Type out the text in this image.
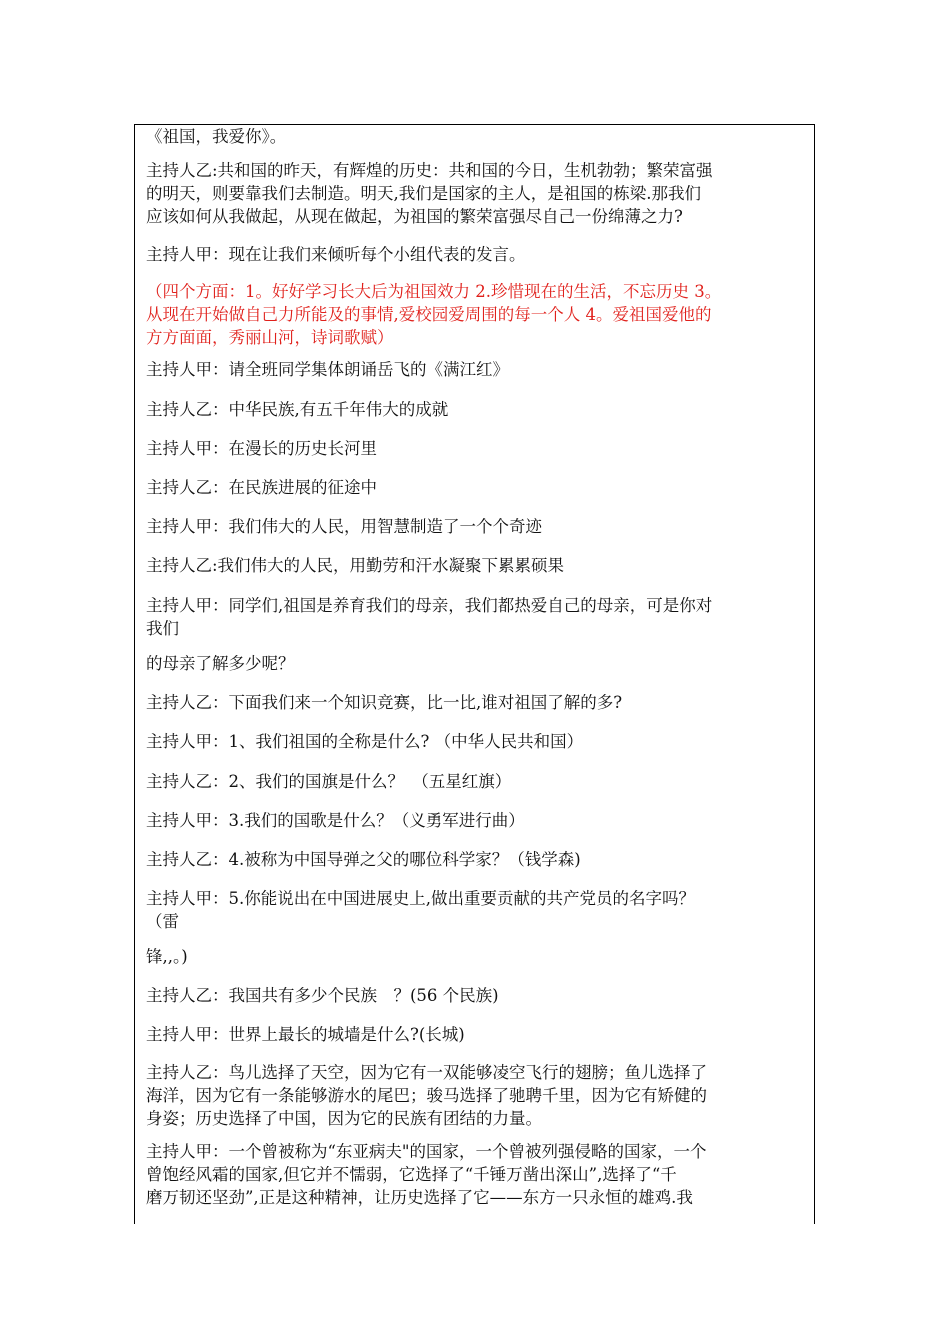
《祖国，我爱你》。
主持人乙:共和国的昨天，有辉煌的历史：共和国的今日，生机勃勃；繁荣富强
的明天，则要靠我们去制造。明天,我们是国家的主人，是祖国的栋梁.那我们
应该如何从我做起，从现在做起，为祖国的繁荣富强尽自己一份绵薄之力?
主持人甲：现在让我们来倾听每个小组代表的发言。
（四个方面：1。好好学习长大后为祖国效力 2.珍惜现在的生活，不忘历史 3。
从现在开始做自己力所能及的事情,爱校园爱周围的每一个人 4。爱祖国爱他的
方方面面，秀丽山河，诗词歌赋）
主持人甲：请全班同学集体朗诵岳飞的《满江红》
主持人乙：中华民族,有五千年伟大的成就
主持人甲：在漫长的历史长河里
主持人乙：在民族进展的征途中
主持人甲：我们伟大的人民，用智慧制造了一个个奇迹
主持人乙:我们伟大的人民，用勤劳和汗水凝聚下累累硕果
主持人甲：同学们,祖国是养育我们的母亲，我们都热爱自己的母亲，可是你对
我们
的母亲了解多少呢？
主持人乙：下面我们来一个知识竞赛，比一比,谁对祖国了解的多?
主持人甲：1、我们祖国的全称是什么? （中华人民共和国）
主持人乙：2、我们的国旗是什么？　（五星红旗）
主持人甲：3.我们的国歌是什么？（义勇军进行曲）
主持人乙：4.被称为中国导弹之父的哪位科学家？（钱学森)
主持人甲：5.你能说出在中国进展史上,做出重要贡献的共产党员的名字吗？
（雷
锋,,。)
主持人乙：我国共有多少个民族　？(56 个民族)
主持人甲：世界上最长的城墙是什么?(长城)
主持人乙：鸟儿选择了天空，因为它有一双能够凌空飞行的翅膀；鱼儿选择了
海洋，因为它有一条能够游水的尾巴；骏马选择了驰聘千里，因为它有矫健的
身姿；历史选择了中国，因为它的民族有团结的力量。
主持人甲：一个曾被称为“东亚病夫"的国家，一个曾被列强侵略的国家，一个
曾饱经风霜的国家,但它并不懦弱，它选择了“千锤万凿出深山”,选择了“千
磨万韧还坚劲”,正是这种精神，让历史选择了它——东方一只永恒的雄鸡.我
